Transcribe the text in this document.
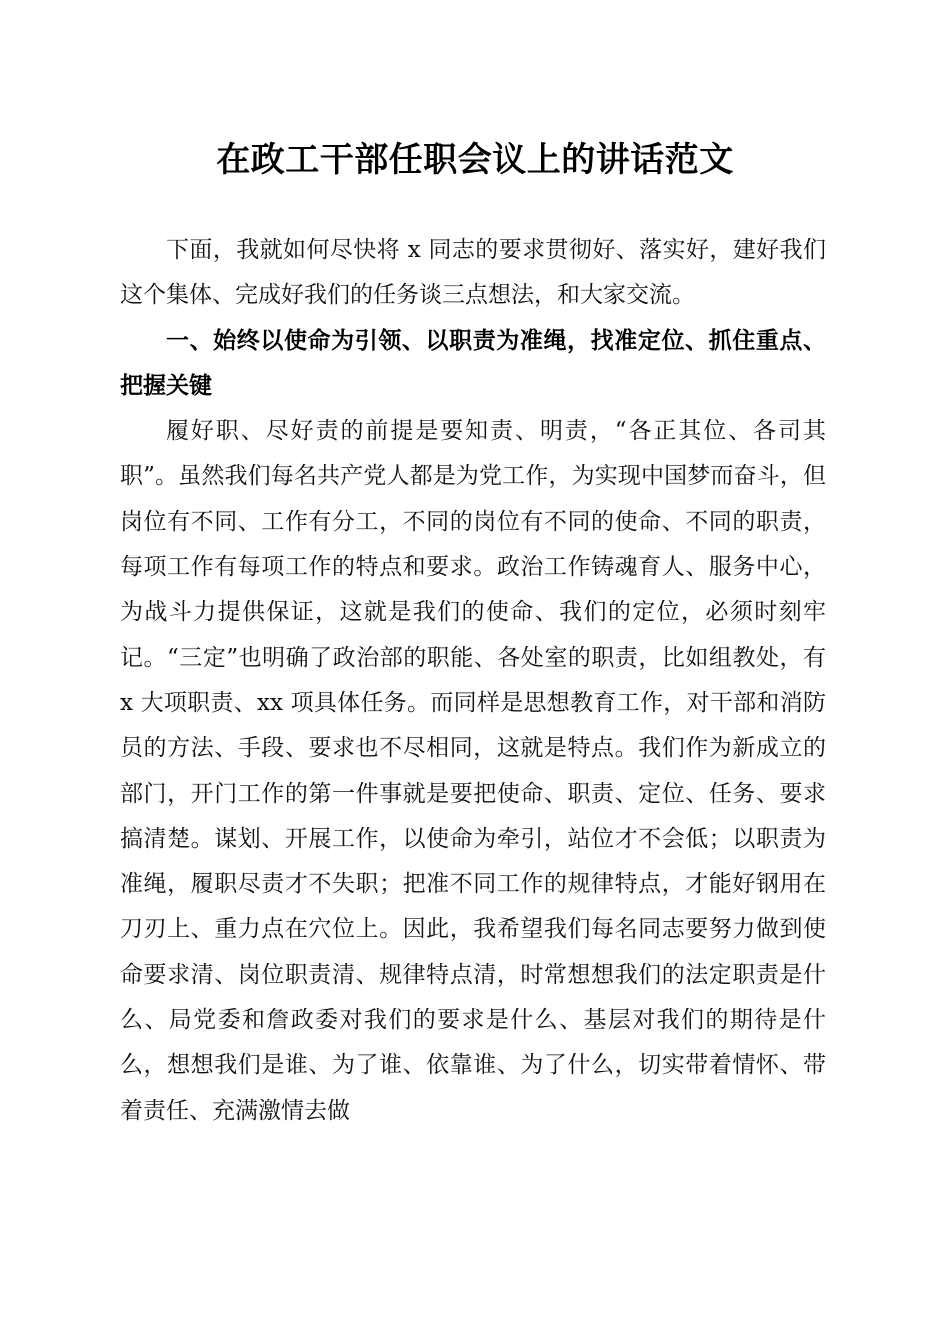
在政工干部任职会议上的讲话范文

下面，我就如何尽快将 x 同志的要求贯彻好、落实好，建好我们这个集体、完成好我们的任务谈三点想法，和大家交流。

一、始终以使命为引领、以职责为准绳，找准定位、抓住重点、把握关键

履好职、尽好责的前提是要知责、明责，“各正其位、各司其职”。虽然我们每名共产党人都是为党工作，为实现中国梦而奋斗，但岗位有不同、工作有分工，不同的岗位有不同的使命、不同的职责，每项工作有每项工作的特点和要求。政治工作铸魂育人、服务中心，为战斗力提供保证，这就是我们的使命、我们的定位，必须时刻牢记。“三定”也明确了政治部的职能、各处室的职责，比如组教处，有 x 大项职责、xx 项具体任务。而同样是思想教育工作，对干部和消防员的方法、手段、要求也不尽相同，这就是特点。我们作为新成立的部门，开门工作的第一件事就是要把使命、职责、定位、任务、要求搞清楚。谋划、开展工作，以使命为牵引，站位才不会低；以职责为准绳，履职尽责才不失职；把准不同工作的规律特点，才能好钢用在刀刃上、重力点在穴位上。因此，我希望我们每名同志要努力做到使命要求清、岗位职责清、规律特点清，时常想想我们的法定职责是什么、局党委和詹政委对我们的要求是什么、基层对我们的期待是什么，想想我们是谁、为了谁、依靠谁、为了什么，切实带着情怀、带着责任、充满激情去做
